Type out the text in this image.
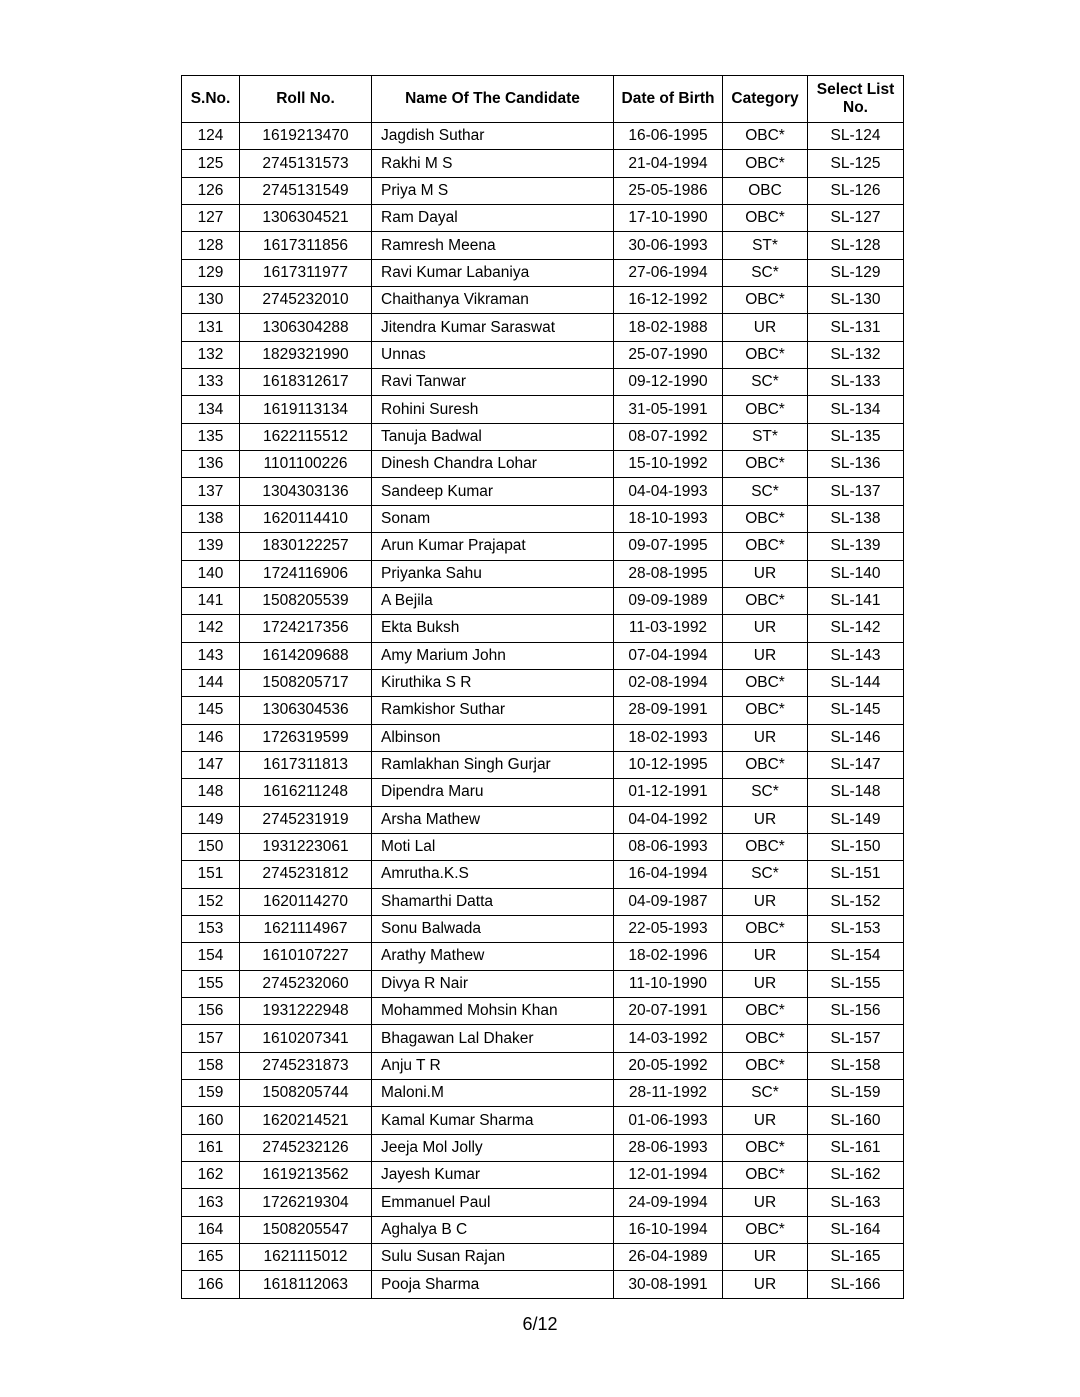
S.No.	Roll No.	Name Of The Candidate	Date of Birth	Category	Select List No.
124	1619213470	Jagdish Suthar	16-06-1995	OBC*	SL-124
125	2745131573	Rakhi M S	21-04-1994	OBC*	SL-125
126	2745131549	Priya M S	25-05-1986	OBC	SL-126
127	1306304521	Ram Dayal	17-10-1990	OBC*	SL-127
128	1617311856	Ramresh Meena	30-06-1993	ST*	SL-128
129	1617311977	Ravi Kumar Labaniya	27-06-1994	SC*	SL-129
130	2745232010	Chaithanya Vikraman	16-12-1992	OBC*	SL-130
131	1306304288	Jitendra Kumar Saraswat	18-02-1988	UR	SL-131
132	1829321990	Unnas	25-07-1990	OBC*	SL-132
133	1618312617	Ravi Tanwar	09-12-1990	SC*	SL-133
134	1619113134	Rohini Suresh	31-05-1991	OBC*	SL-134
135	1622115512	Tanuja Badwal	08-07-1992	ST*	SL-135
136	1101100226	Dinesh Chandra Lohar	15-10-1992	OBC*	SL-136
137	1304303136	Sandeep Kumar	04-04-1993	SC*	SL-137
138	1620114410	Sonam	18-10-1993	OBC*	SL-138
139	1830122257	Arun Kumar Prajapat	09-07-1995	OBC*	SL-139
140	1724116906	Priyanka Sahu	28-08-1995	UR	SL-140
141	1508205539	A Bejila	09-09-1989	OBC*	SL-141
142	1724217356	Ekta Buksh	11-03-1992	UR	SL-142
143	1614209688	Amy Marium John	07-04-1994	UR	SL-143
144	1508205717	Kiruthika S R	02-08-1994	OBC*	SL-144
145	1306304536	Ramkishor Suthar	28-09-1991	OBC*	SL-145
146	1726319599	Albinson	18-02-1993	UR	SL-146
147	1617311813	Ramlakhan Singh Gurjar	10-12-1995	OBC*	SL-147
148	1616211248	Dipendra Maru	01-12-1991	SC*	SL-148
149	2745231919	Arsha Mathew	04-04-1992	UR	SL-149
150	1931223061	Moti Lal	08-06-1993	OBC*	SL-150
151	2745231812	Amrutha.K.S	16-04-1994	SC*	SL-151
152	1620114270	Shamarthi Datta	04-09-1987	UR	SL-152
153	1621114967	Sonu Balwada	22-05-1993	OBC*	SL-153
154	1610107227	Arathy Mathew	18-02-1996	UR	SL-154
155	2745232060	Divya R Nair	11-10-1990	UR	SL-155
156	1931222948	Mohammed Mohsin Khan	20-07-1991	OBC*	SL-156
157	1610207341	Bhagawan Lal Dhaker	14-03-1992	OBC*	SL-157
158	2745231873	Anju T R	20-05-1992	OBC*	SL-158
159	1508205744	Maloni.M	28-11-1992	SC*	SL-159
160	1620214521	Kamal Kumar Sharma	01-06-1993	UR	SL-160
161	2745232126	Jeeja Mol Jolly	28-06-1993	OBC*	SL-161
162	1619213562	Jayesh Kumar	12-01-1994	OBC*	SL-162
163	1726219304	Emmanuel Paul	24-09-1994	UR	SL-163
164	1508205547	Aghalya B C	16-10-1994	OBC*	SL-164
165	1621115012	Sulu Susan Rajan	26-04-1989	UR	SL-165
166	1618112063	Pooja Sharma	30-08-1991	UR	SL-166
6/12
